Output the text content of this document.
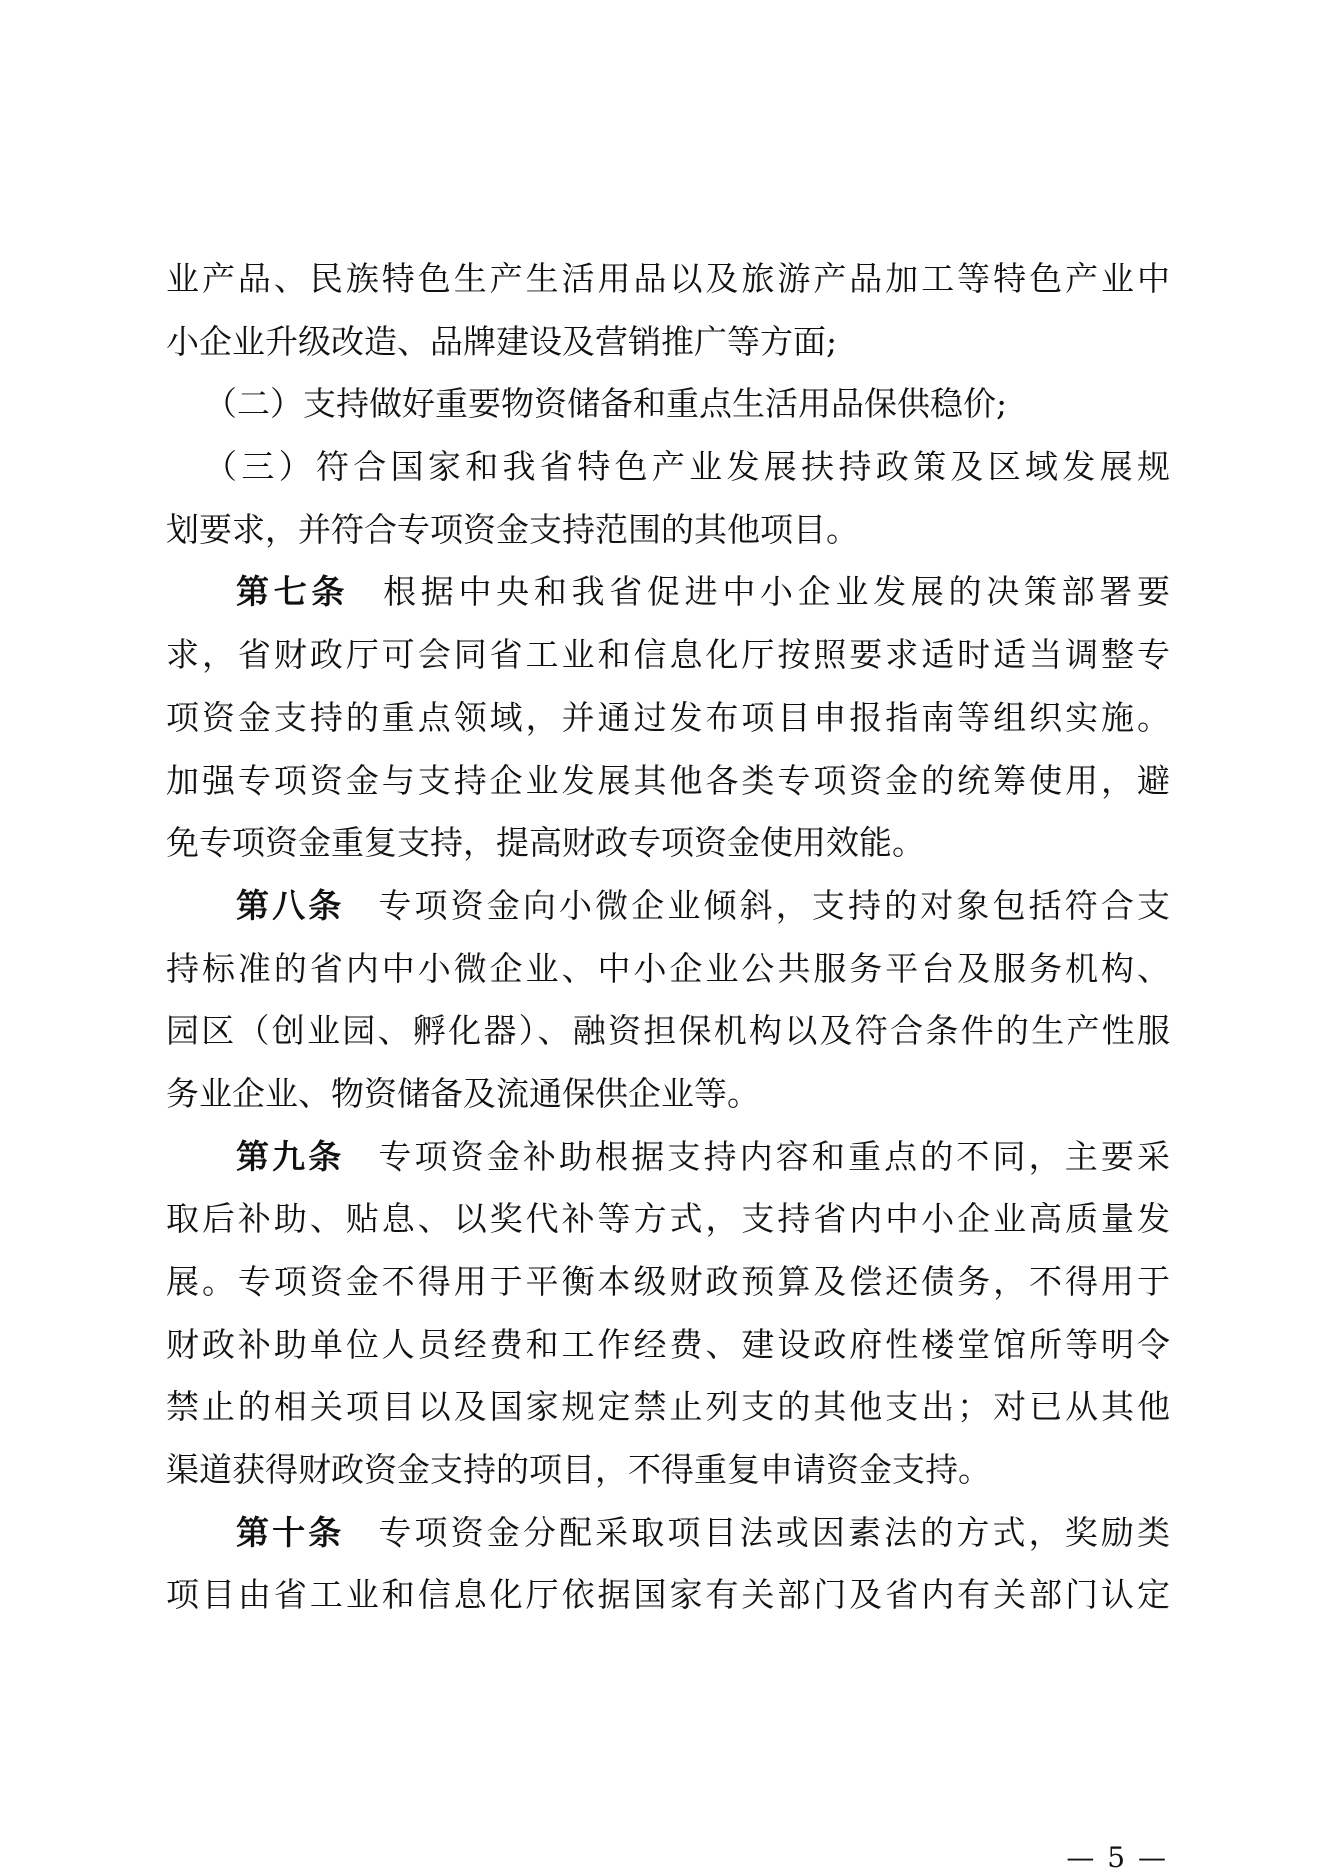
业产品、民族特色生产生活用品以及旅游产品加工等特色产业中
小企业升级改造、品牌建设及营销推广等方面;
（二）支持做好重要物资储备和重点生活用品保供稳价;
（三）符合国家和我省特色产业发展扶持政策及区域发展规
划要求，并符合专项资金支持范围的其他项目。
第七条 根据中央和我省促进中小企业发展的决策部署要
求，省财政厅可会同省工业和信息化厅按照要求适时适当调整专
项资金支持的重点领域，并通过发布项目申报指南等组织实施。
加强专项资金与支持企业发展其他各类专项资金的统筹使用，避
免专项资金重复支持，提高财政专项资金使用效能。
第八条 专项资金向小微企业倾斜，支持的对象包括符合支
持标准的省内中小微企业、中小企业公共服务平台及服务机构、
园区（创业园、孵化器）、融资担保机构以及符合条件的生产性服
务业企业、物资储备及流通保供企业等。
第九条 专项资金补助根据支持内容和重点的不同，主要采
取后补助、贴息、以奖代补等方式，支持省内中小企业高质量发
展。专项资金不得用于平衡本级财政预算及偿还债务，不得用于
财政补助单位人员经费和工作经费、建设政府性楼堂馆所等明令
禁止的相关项目以及国家规定禁止列支的其他支出；对已从其他
渠道获得财政资金支持的项目，不得重复申请资金支持。
第十条 专项资金分配采取项目法或因素法的方式，奖励类
项目由省工业和信息化厅依据国家有关部门及省内有关部门认定
— 5 —
